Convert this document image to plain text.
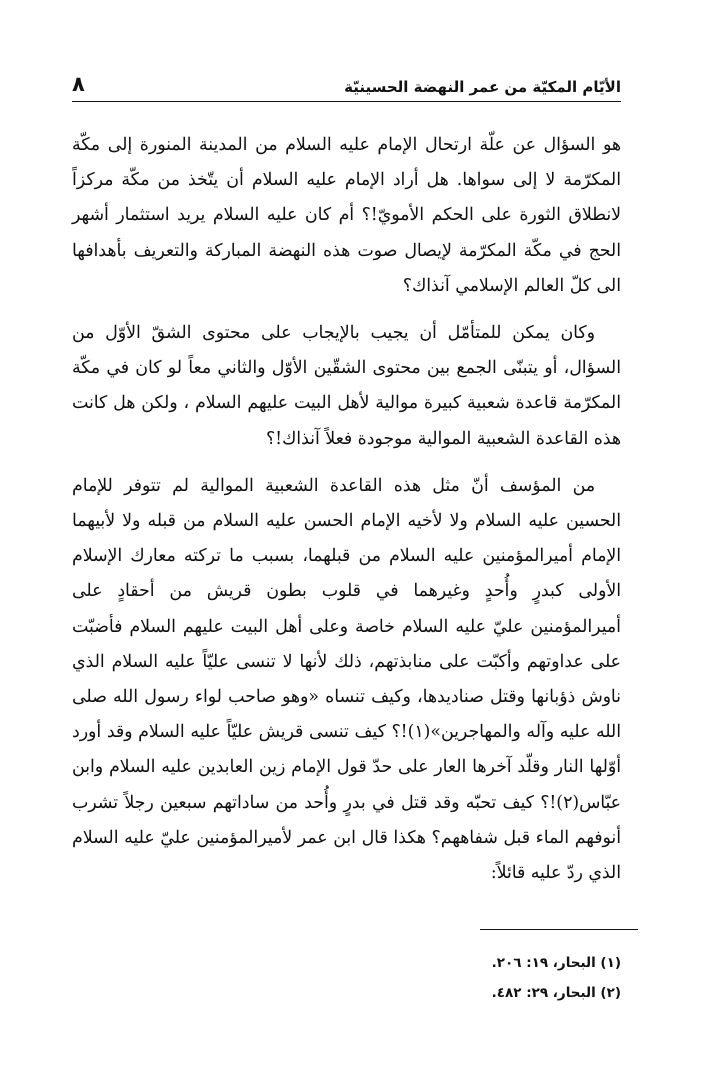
الأيّام المكيّة من عمر النهضة الحسينيّة
٨

هو السؤال عن علّة ارتحال الإمام عليه السلام من المدينة المنورة إلى مكّة المكرّمة لا إلى سواها. هل أراد الإمام عليه السلام أن يتّخذ من مكّة مركزاً لانطلاق الثورة على الحكم الأمويّ!؟ أم كان عليه السلام يريد استثمار أشهر الحج في مكّة المكرّمة لإيصال صوت هذه النهضة المباركة والتعريف بأهدافها الى كلّ العالم الإسلامي آنذاك؟

وكان يمكن للمتأمّل أن يجيب بالإيجاب على محتوى الشقّ الأوّل من السؤال، أو يتبنّى الجمع بين محتوى الشقّين الأوّل والثاني معاً لو كان في مكّة المكرّمة قاعدة شعبية كبيرة موالية لأهل البيت عليهم السلام ، ولكن هل كانت هذه القاعدة الشعبية الموالية موجودة فعلاً آنذاك!؟

من المؤسف أنّ مثل هذه القاعدة الشعبية الموالية لم تتوفر للإمام الحسين عليه السلام ولا لأخيه الإمام الحسن عليه السلام من قبله ولا لأبيهما الإمام أميرالمؤمنين عليه السلام من قبلهما، بسبب ما تركته معارك الإسلام الأولى كبدرٍ وأُحدٍ وغيرهما في قلوب بطون قريش من أحقادٍ على أميرالمؤمنين عليّ عليه السلام خاصة وعلى أهل البيت عليهم السلام فأضبّت على عداوتهم وأكبّت على منابذتهم، ذلك لأنها لا تنسى عليّاً عليه السلام الذي ناوش ذؤبانها وقتل صناديدها، وكيف تنساه «وهو صاحب لواء رسول الله صلى الله عليه وآله والمهاجرين»(١)!؟ كيف تنسى قريش عليّاً عليه السلام وقد أورد أوّلها النار وقلّد آخرها العار على حدّ قول الإمام زين العابدين عليه السلام وابن عبّاس(٢)!؟ كيف تحبّه وقد قتل في بدرٍ وأُحد من ساداتهم سبعين رجلاً تشرب أنوفهم الماء قبل شفاههم؟ هكذا قال ابن عمر لأميرالمؤمنين عليّ عليه السلام الذي ردّ عليه قائلاً:

(١) البحار، ١٩: ٢٠٦.

(٢) البحار، ٢٩: ٤٨٢.
